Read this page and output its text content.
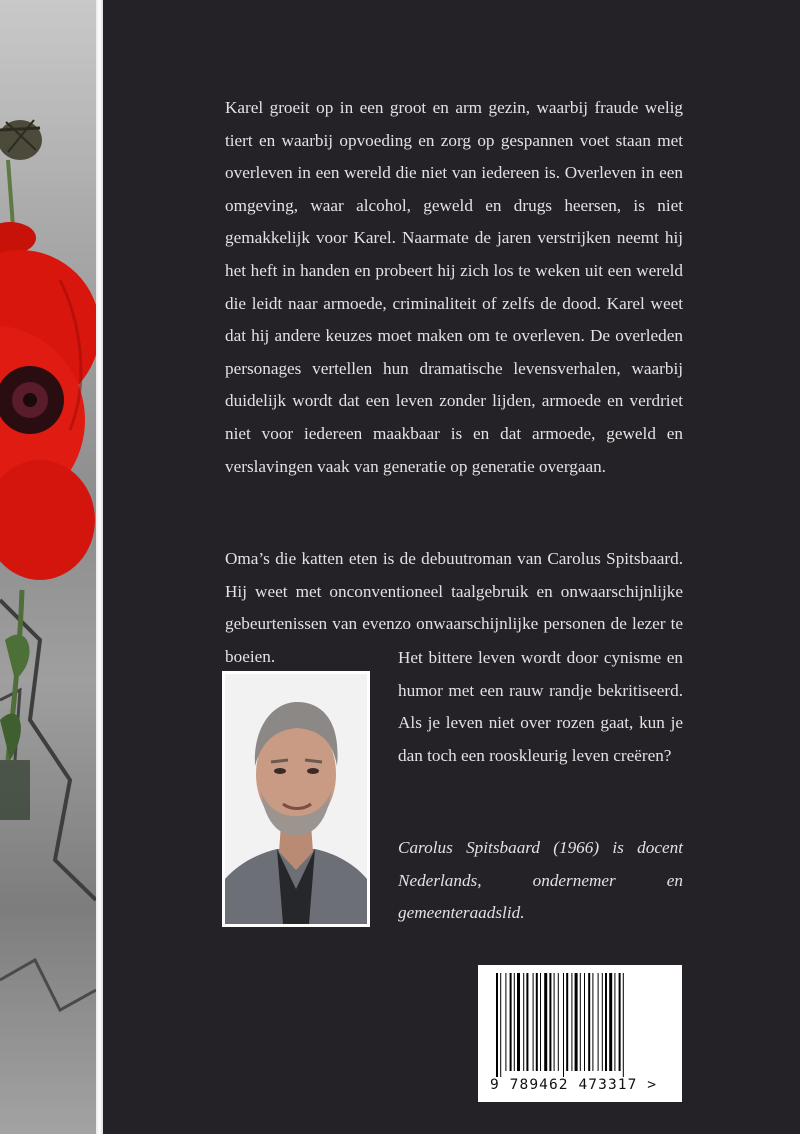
Karel groeit op in een groot en arm gezin, waarbij fraude welig tiert en waarbij opvoeding en zorg op gespannen voet staan met overleven in een wereld die niet van iedereen is. Overleven in een omgeving, waar alcohol, geweld en drugs heersen, is niet gemakkelijk voor Karel. Naarmate de jaren verstrijken neemt hij het heft in handen en probeert hij zich los te weken uit een wereld die leidt naar armoede, criminaliteit of zelfs de dood. Karel weet dat hij andere keuzes moet maken om te overleven. De overleden personages vertellen hun dramatische levensverhalen, waarbij duidelijk wordt dat een leven zonder lijden, armoede en verdriet niet voor iedereen maakbaar is en dat armoede, geweld en verslavingen vaak van generatie op generatie overgaan.

Oma’s die katten eten is de debuutroman van Carolus Spitsbaard. Hij weet met onconventioneel taalgebruik en onwaarschijnlijke gebeurtenissen van evenzo onwaarschijnlijke personen de lezer te boeien.	Het bittere leven wordt door cynisme en humor met een rauw randje bekritiseerd. Als je leven niet over rozen gaat, kun je dan toch een rooskleurig leven creëren?

Carolus Spitsbaard (1966) is docent Nederlands, ondernemer en gemeenteraadslid.

9 789462 473317 >
